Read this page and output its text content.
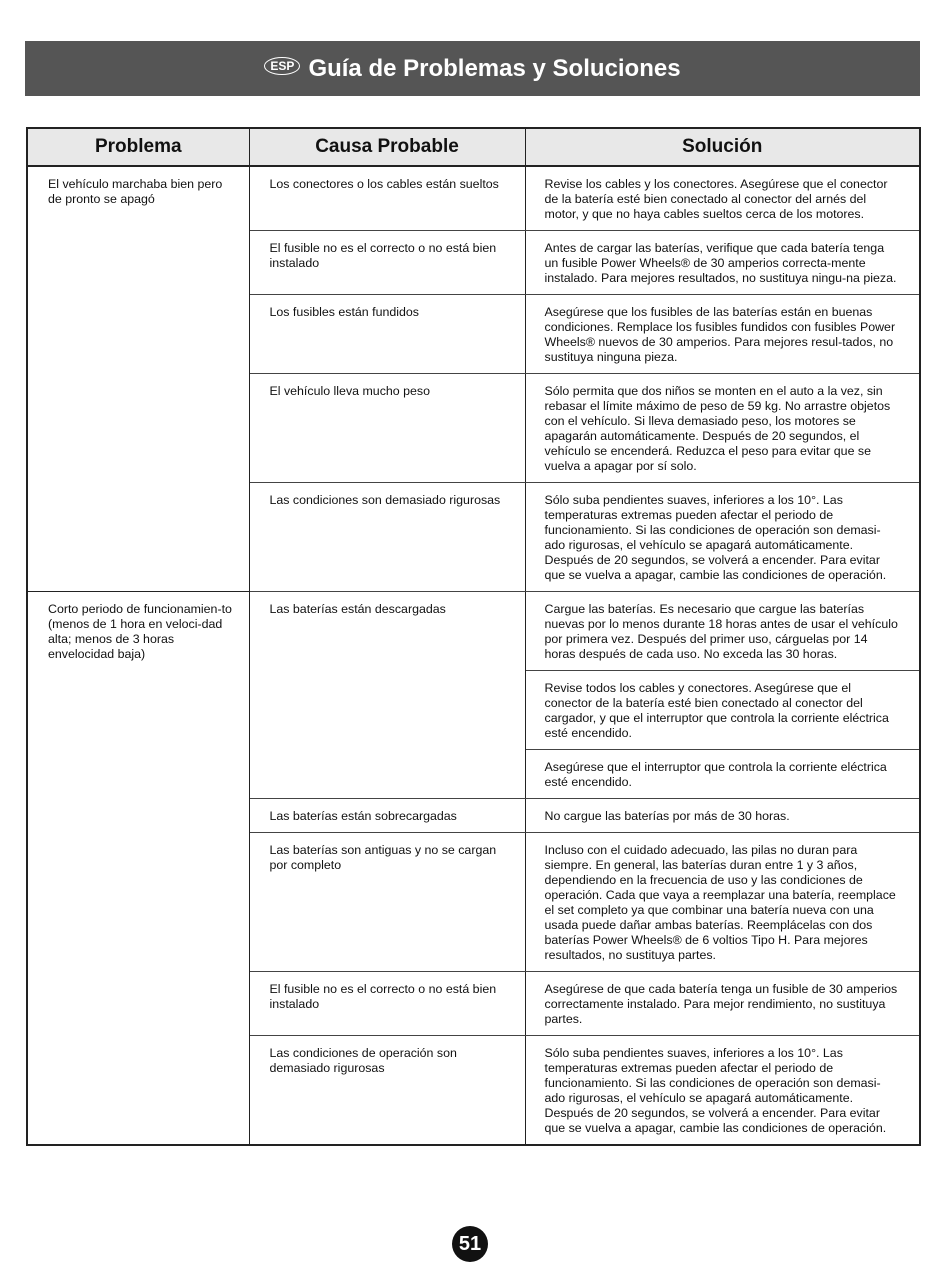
ESP Guía de Problemas y Soluciones
Problema	Causa Probable	Solución
El vehículo marchaba bien pero de pronto se apagó	Los conectores o los cables están sueltos	Revise los cables y los conectores. Asegúrese que el conector de la batería esté bien conectado al conector del arnés del motor, y que no haya cables sueltos cerca de los motores.
	El fusible no es el correcto o no está bien instalado	Antes de cargar las baterías, verifique que cada batería tenga un fusible Power Wheels® de 30 amperios correcta-mente instalado. Para mejores resultados, no sustituya ningu-na pieza.
	Los fusibles están fundidos	Asegúrese que los fusibles de las baterías están en buenas condiciones. Remplace los fusibles fundidos con fusibles Power Wheels® nuevos de 30 amperios. Para mejores resul-tados, no sustituya ninguna pieza.
	El vehículo lleva mucho peso	Sólo permita que dos niños se monten en el auto a la vez, sin rebasar el límite máximo de peso de 59 kg. No arrastre objetos con el vehículo. Si lleva demasiado peso, los motores se apagarán automáticamente. Después de 20 segundos, el vehículo se encenderá. Reduzca el peso para evitar que se vuelva a apagar por sí solo.
	Las condiciones son demasiado rigurosas	Sólo suba pendientes suaves, inferiores a los 10°. Las temperaturas extremas pueden afectar el periodo de funcionamiento. Si las condiciones de operación son demasi-ado rigurosas, el vehículo se apagará automáticamente. Después de 20 segundos, se volverá a encender. Para evitar que se vuelva a apagar, cambie las condiciones de operación.
Corto periodo de funcionamien-to (menos de 1 hora en veloci-dad alta; menos de 3 horas envelocidad baja)	Las baterías están descargadas	Cargue las baterías. Es necesario que cargue las baterías nuevas por lo menos durante 18 horas antes de usar el vehículo por primera vez. Después del primer uso, cárguelas por 14 horas después de cada uso. No exceda las 30 horas.
		Revise todos los cables y conectores. Asegúrese que el conector de la batería esté bien conectado al conector del cargador, y que el interruptor que controla la corriente eléctrica esté encendido.
		Asegúrese que el interruptor que controla la corriente eléctrica esté encendido.
	Las baterías están sobrecargadas	No cargue las baterías por más de 30 horas.
	Las baterías son antiguas y no se cargan por completo	Incluso con el cuidado adecuado, las pilas no duran para siempre. En general, las baterías duran entre 1 y 3 años, dependiendo en la frecuencia de uso y las condiciones de operación. Cada que vaya a reemplazar una batería, reemplace el set completo ya que combinar una batería nueva con una usada puede dañar ambas baterías. Reemplácelas con dos baterías Power Wheels® de 6 voltios Tipo H. Para mejores resultados, no sustituya partes.
	El fusible no es el correcto o no está bien instalado	Asegúrese de que cada batería tenga un fusible de 30 amperios correctamente instalado. Para mejor rendimiento, no sustituya partes.
	Las condiciones de operación son demasiado rigurosas	Sólo suba pendientes suaves, inferiores a los 10°. Las temperaturas extremas pueden afectar el periodo de funcionamiento. Si las condiciones de operación son demasi-ado rigurosas, el vehículo se apagará automáticamente. Después de 20 segundos, se volverá a encender. Para evitar que se vuelva a apagar, cambie las condiciones de operación.
51
